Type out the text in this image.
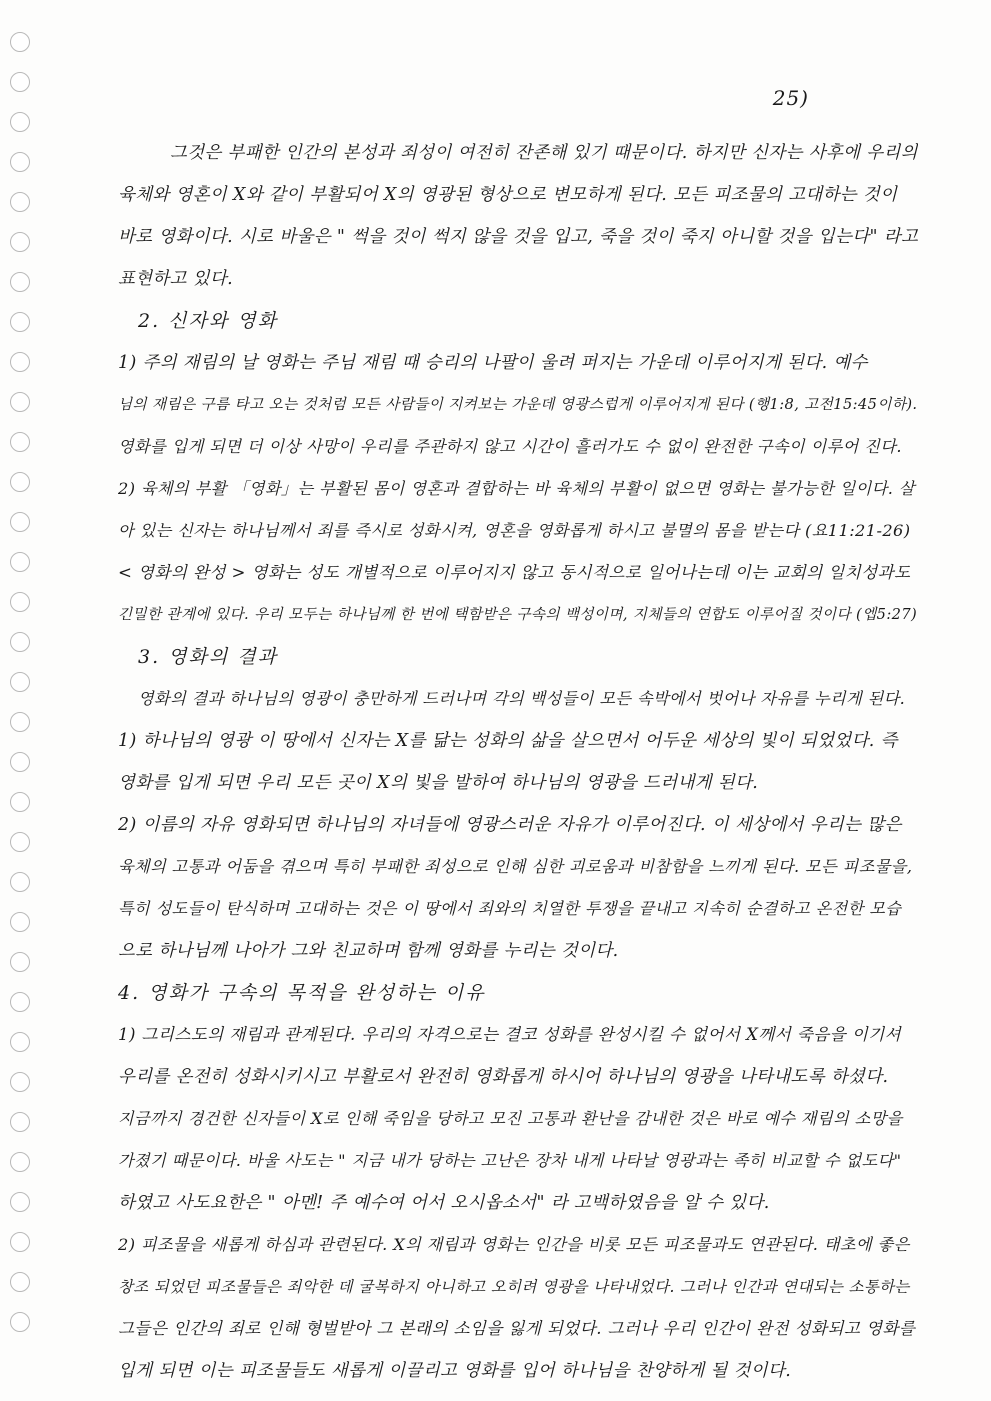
25)
그것은 부패한 인간의 본성과 죄성이 여전히 잔존해 있기 때문이다. 하지만 신자는 사후에 우리의
육체와 영혼이 X와 같이 부활되어 X의 영광된 형상으로 변모하게 된다. 모든 피조물의 고대하는 것이
바로 영화이다. 시로 바울은 " 썩을 것이 썩지 않을 것을 입고, 죽을 것이 죽지 아니할 것을 입는다" 라고
표현하고 있다.
2. 신자와 영화
1) 주의 재림의 날 영화는 주님 재림 때 승리의 나팔이 울려 퍼지는 가운데 이루어지게 된다. 예수
님의 재림은 구름 타고 오는 것처럼 모든 사람들이 지켜보는 가운데 영광스럽게 이루어지게 된다 (행1:8, 고전15:45이하).
영화를 입게 되면 더 이상 사망이 우리를 주관하지 않고 시간이 흘러가도 수 없이 완전한 구속이 이루어 진다.
2) 육체의 부활 「영화」는 부활된 몸이 영혼과 결합하는 바 육체의 부활이 없으면 영화는 불가능한 일이다. 살
아 있는 신자는 하나님께서 죄를 즉시로 성화시켜, 영혼을 영화롭게 하시고 불멸의 몸을 받는다 (요11:21-26)
< 영화의 완성 > 영화는 성도 개별적으로 이루어지지 않고 동시적으로 일어나는데 이는 교회의 일치성과도
긴밀한 관계에 있다. 우리 모두는 하나님께 한 번에 택함받은 구속의 백성이며, 지체들의 연합도 이루어질 것이다 (엡5:27)
3. 영화의 결과
영화의 결과 하나님의 영광이 충만하게 드러나며 각의 백성들이 모든 속박에서 벗어나 자유를 누리게 된다.
1) 하나님의 영광 이 땅에서 신자는 X를 닮는 성화의 삶을 살으면서 어두운 세상의 빛이 되었었다. 즉
영화를 입게 되면 우리 모든 곳이 X의 빛을 발하여 하나님의 영광을 드러내게 된다.
2) 이름의 자유 영화되면 하나님의 자녀들에 영광스러운 자유가 이루어진다. 이 세상에서 우리는 많은
육체의 고통과 어둠을 겪으며 특히 부패한 죄성으로 인해 심한 괴로움과 비참함을 느끼게 된다. 모든 피조물을,
특히 성도들이 탄식하며 고대하는 것은 이 땅에서 죄와의 치열한 투쟁을 끝내고 지속히 순결하고 온전한 모습
으로 하나님께 나아가 그와 친교하며 함께 영화를 누리는 것이다.
4. 영화가 구속의 목적을 완성하는 이유
1) 그리스도의 재림과 관계된다. 우리의 자격으로는 결코 성화를 완성시킬 수 없어서 X께서 죽음을 이기셔
우리를 온전히 성화시키시고 부활로서 완전히 영화롭게 하시어 하나님의 영광을 나타내도록 하셨다.
지금까지 경건한 신자들이 X로 인해 죽임을 당하고 모진 고통과 환난을 감내한 것은 바로 예수 재림의 소망을
가졌기 때문이다. 바울 사도는 " 지금 내가 당하는 고난은 장차 내게 나타날 영광과는 족히 비교할 수 없도다"
하였고 사도요한은 " 아멘! 주 예수여 어서 오시옵소서" 라 고백하였음을 알 수 있다.
2) 피조물을 새롭게 하심과 관련된다. X의 재림과 영화는 인간을 비롯 모든 피조물과도 연관된다. 태초에 좋은
창조 되었던 피조물들은 죄악한 데 굴복하지 아니하고 오히려 영광을 나타내었다. 그러나 인간과 연대되는 소통하는
그들은 인간의 죄로 인해 형벌받아 그 본래의 소임을 잃게 되었다. 그러나 우리 인간이 완전 성화되고 영화를
입게 되면 이는 피조물들도 새롭게 이끌리고 영화를 입어 하나님을 찬양하게 될 것이다.
